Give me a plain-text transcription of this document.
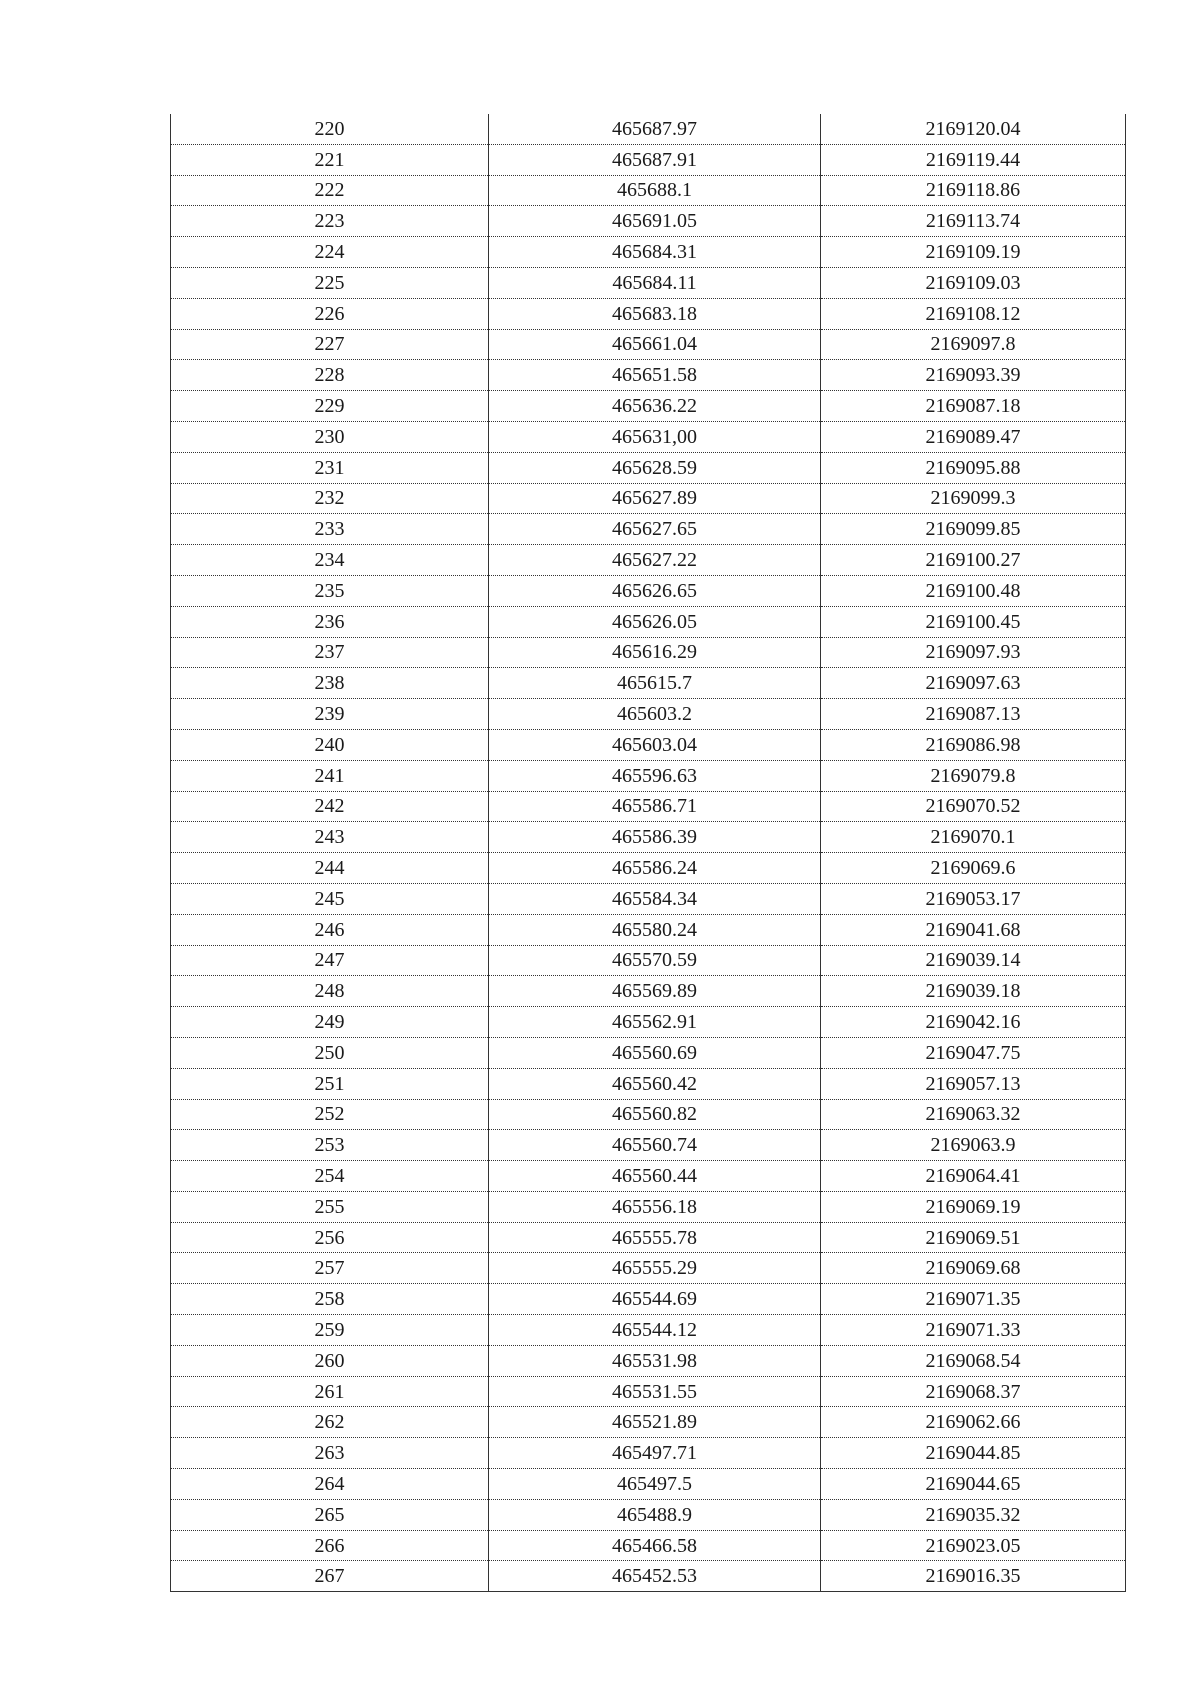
220	465687.97	2169120.04
221	465687.91	2169119.44
222	465688.1	2169118.86
223	465691.05	2169113.74
224	465684.31	2169109.19
225	465684.11	2169109.03
226	465683.18	2169108.12
227	465661.04	2169097.8
228	465651.58	2169093.39
229	465636.22	2169087.18
230	465631,00	2169089.47
231	465628.59	2169095.88
232	465627.89	2169099.3
233	465627.65	2169099.85
234	465627.22	2169100.27
235	465626.65	2169100.48
236	465626.05	2169100.45
237	465616.29	2169097.93
238	465615.7	2169097.63
239	465603.2	2169087.13
240	465603.04	2169086.98
241	465596.63	2169079.8
242	465586.71	2169070.52
243	465586.39	2169070.1
244	465586.24	2169069.6
245	465584.34	2169053.17
246	465580.24	2169041.68
247	465570.59	2169039.14
248	465569.89	2169039.18
249	465562.91	2169042.16
250	465560.69	2169047.75
251	465560.42	2169057.13
252	465560.82	2169063.32
253	465560.74	2169063.9
254	465560.44	2169064.41
255	465556.18	2169069.19
256	465555.78	2169069.51
257	465555.29	2169069.68
258	465544.69	2169071.35
259	465544.12	2169071.33
260	465531.98	2169068.54
261	465531.55	2169068.37
262	465521.89	2169062.66
263	465497.71	2169044.85
264	465497.5	2169044.65
265	465488.9	2169035.32
266	465466.58	2169023.05
267	465452.53	2169016.35
